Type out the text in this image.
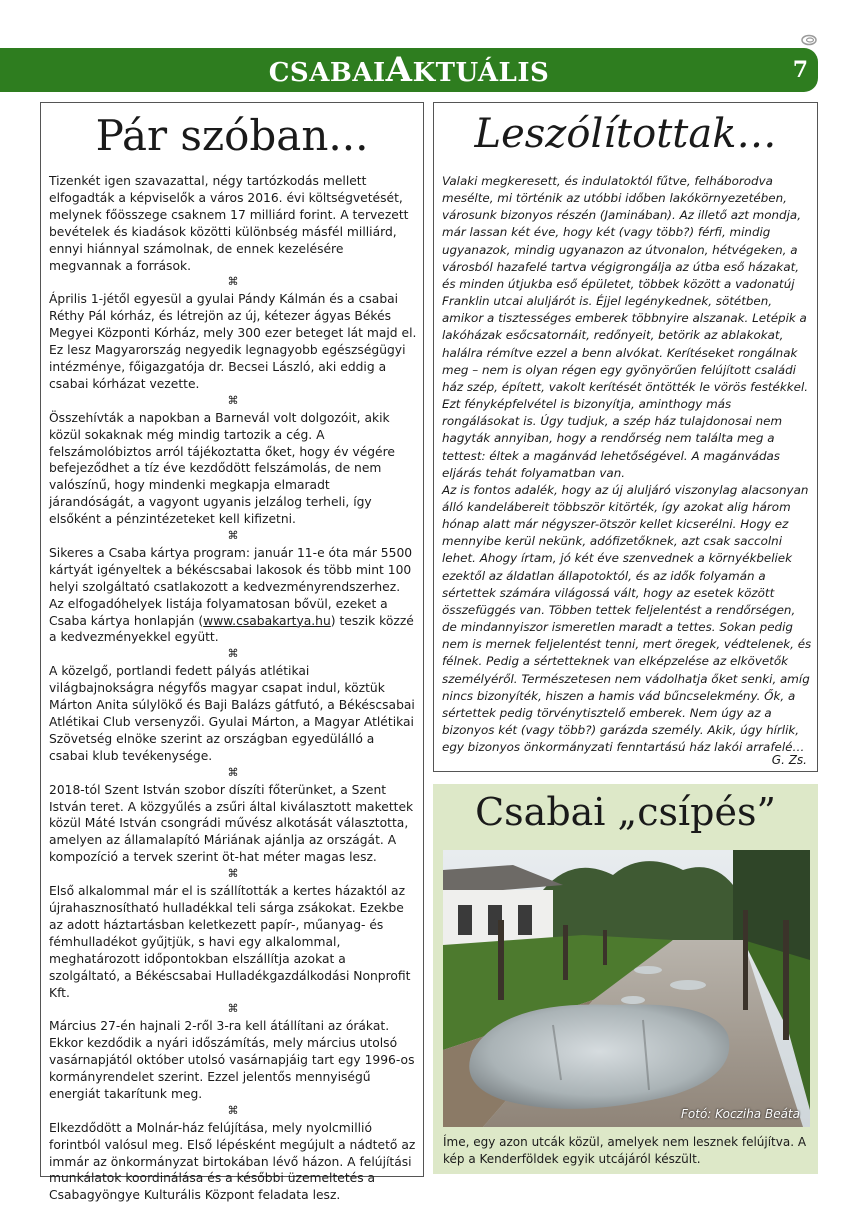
CSABAIAKTUÁLIS	7
Pár szóban...

Tizenkét igen szavazattal, négy tartózkodás mellett elfogadták a képviselők a város 2016. évi költségvetését, melynek főösszege csaknem 17 milliárd forint. A tervezett bevételek és kiadások közötti különbség másfél milliárd, ennyi hiánnyal számolnak, de ennek kezelésére megvannak a források.

⌘

Április 1-jétől egyesül a gyulai Pándy Kálmán és a csabai Réthy Pál kórház, és létrejön az új, kétezer ágyas Békés Megyei Központi Kórház, mely 300 ezer beteget lát majd el. Ez lesz Magyarország negyedik legnagyobb egészségügyi intézménye, főigazgatója dr. Becsei László, aki eddig a csabai kórházat vezette.

⌘

Összehívták a napokban a Barnevál volt dolgozóit, akik közül sokaknak még mindig tartozik a cég. A felszámolóbiztos arról tájékoztatta őket, hogy év végére befejeződhet a tíz éve kezdődött felszámolás, de nem valószínű, hogy mindenki megkapja elmaradt járandóságát, a vagyont ugyanis jelzálog terheli, így elsőként a pénzintézeteket kell kifizetni.

⌘

Sikeres a Csaba kártya program: január 11-e óta már 5500 kártyát igényeltek a békéscsabai lakosok és több mint 100 helyi szolgáltató csatlakozott a kedvezményrendszerhez. Az elfogadóhelyek listája folyamatosan bővül, ezeket a Csaba kártya honlapján (www.csabakartya.hu) teszik közzé a kedvezményekkel együtt.

⌘

A közelgő, portlandi fedett pályás atlétikai világbajnokságra négyfős magyar csapat indul, köztük Márton Anita súlylökő és Baji Balázs gátfutó, a Békéscsabai Atlétikai Club versenyzői. Gyulai Márton, a Magyar Atlétikai Szövetség elnöke szerint az országban egyedülálló a csabai klub tevékenysége.

⌘

2018-tól Szent István szobor díszíti főterünket, a Szent István teret. A közgyűlés a zsűri által kiválasztott makettek közül Máté István csongrádi művész alkotását választotta, amelyen az államalapító Máriának ajánlja az országát. A kompozíció a tervek szerint öt-hat méter magas lesz.

⌘

Első alkalommal már el is szállították a kertes házaktól az újrahasznosítható hulladékkal teli sárga zsákokat. Ezekbe az adott háztartásban keletkezett papír-, műanyag- és fémhulladékot gyűjtjük, s havi egy alkalommal, meghatározott időpontokban elszállítja azokat a szolgáltató, a Békéscsabai Hulladékgazdálkodási Nonprofit Kft.

⌘

Március 27-én hajnali 2-ről 3-ra kell átállítani az órákat. Ekkor kezdődik a nyári időszámítás, mely március utolsó vasárnapjától október utolsó vasárnapjáig tart egy 1996-os kormányrendelet szerint. Ezzel jelentős mennyiségű energiát takarítunk meg.

⌘

Elkezdődött a Molnár-ház felújítása, mely nyolcmillió forintból valósul meg. Első lépésként megújult a nádtető az immár az önkormányzat birtokában lévő házon. A felújítási munkálatok koordinálása és a későbbi üzemeltetés a Csabagyöngye Kulturális Központ feladata lesz.

Leszólítottak…

Valaki megkeresett, és indulatoktól fűtve, felháborodva mesélte, mi történik az utóbbi időben lakókörnyezetében, városunk bizonyos részén (Jaminában). Az illető azt mondja, már lassan két éve, hogy két (vagy több?) férfi, mindig ugyanazok, mindig ugyanazon az útvonalon, hétvégeken, a városból hazafelé tartva végigrongálja az útba eső házakat, és minden útjukba eső épületet, többek között a vadonatúj Franklin utcai aluljárót is. Éjjel legénykednek, sötétben, amikor a tisztességes emberek többnyire alszanak. Letépik a lakóházak esőcsatornáit, redőnyeit, betörik az ablakokat, halálra rémítve ezzel a benn alvókat. Kerítéseket rongálnak meg – nem is olyan régen egy gyönyörűen felújított családi ház szép, épített, vakolt kerítését öntötték le vörös festékkel. Ezt fényképfelvétel is bizonyítja, aminthogy más rongálásokat is. Úgy tudjuk, a szép ház tulajdonosai nem hagyták annyiban, hogy a rendőrség nem találta meg a tettest: éltek a magánvád lehetőségével. A magánvádas eljárás tehát folyamatban van.

Az is fontos adalék, hogy az új aluljáró viszonylag alacsonyan álló kandelábereit többször kitörték, így azokat alig három hónap alatt már négyszer-ötször kellet kicserélni. Hogy ez mennyibe kerül nekünk, adófizetőknek, azt csak saccolni lehet. Ahogy írtam, jó két éve szenvednek a környékbeliek ezektől az áldatlan állapotoktól, és az idők folyamán a sértettek számára világossá vált, hogy az esetek között összefüggés van. Többen tettek feljelentést a rendőrségen, de mindannyiszor ismeretlen maradt a tettes. Sokan pedig nem is mernek feljelentést tenni, mert öregek, védtelenek, és félnek. Pedig a sértetteknek van elképzelése az elkövetők személyéről. Természetesen nem vádolhatja őket senki, amíg nincs bizonyíték, hiszen a hamis vád bűncselekmény. Ők, a sértettek pedig törvénytisztelő emberek. Nem úgy az a bizonyos két (vagy több?) garázda személy. Akik, úgy hírlik, egy bizonyos önkormányzati fenntartású ház lakói arrafelé…

G. Zs.
Csabai „csípés”
Fotó: Kocziha Beáta

Íme, egy azon utcák közül, amelyek nem lesznek felújítva. A kép a Kenderföldek egyik utcájáról készült.
